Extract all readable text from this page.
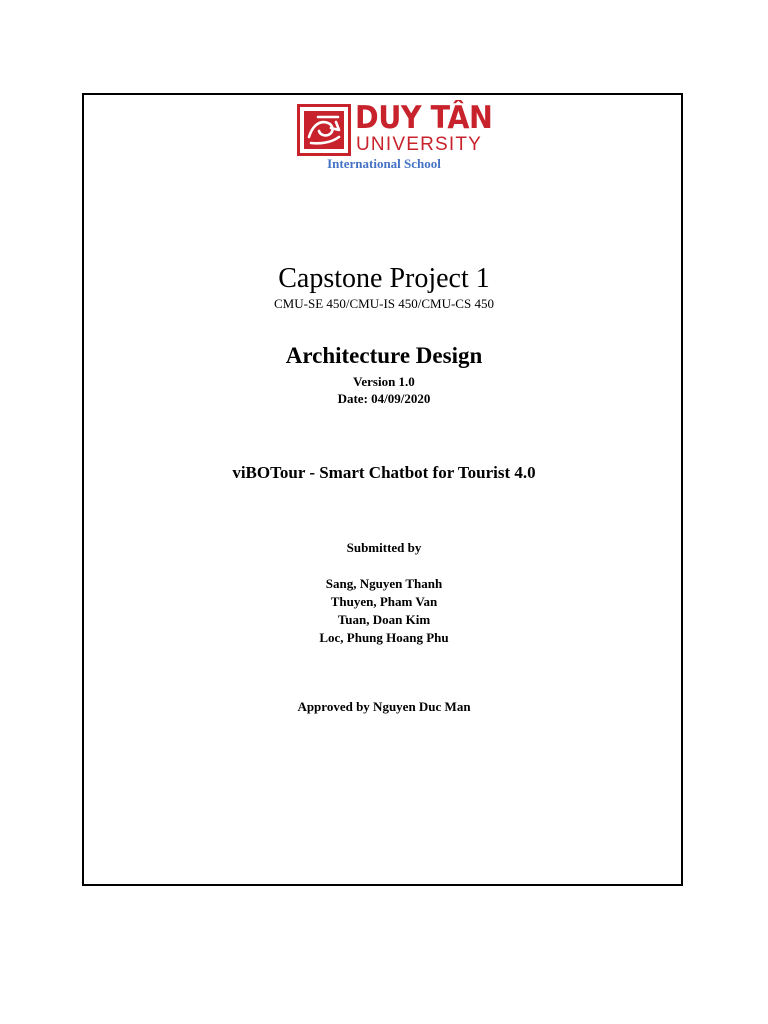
DUY TÂN
UNIVERSITY
International School
Capstone Project 1
CMU-SE 450/CMU-IS 450/CMU-CS 450
Architecture Design
Version 1.0
Date: 04/09/2020
viBOTour - Smart Chatbot for Tourist 4.0
Submitted by
Sang, Nguyen Thanh
Thuyen, Pham Van
Tuan, Doan Kim
Loc, Phung Hoang Phu
Approved by Nguyen Duc Man
